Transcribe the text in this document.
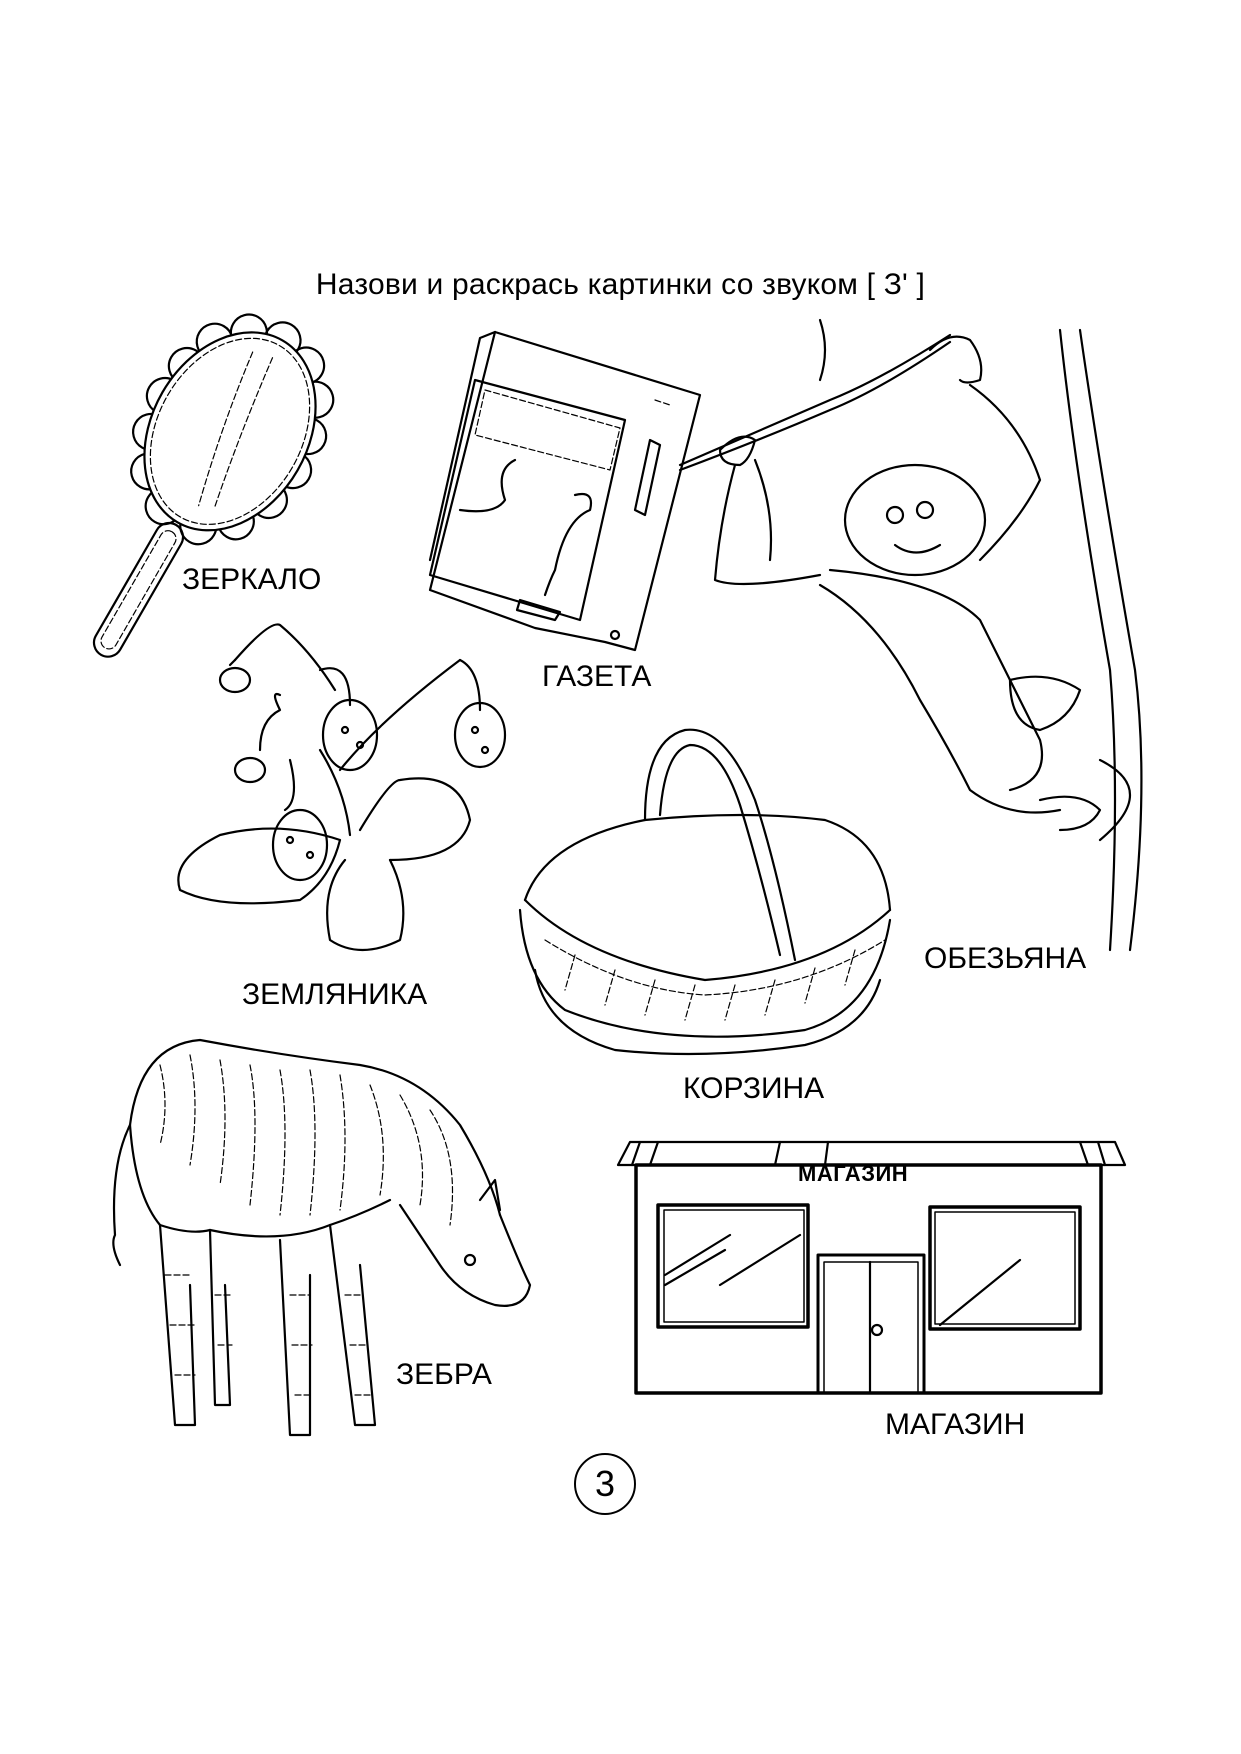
Назови и раскрась картинки со звуком [ З' ]
ЗЕРКАЛО
ГАЗЕТА
ОБЕЗЬЯНА
ЗЕМЛЯНИКА
КОРЗИНА
ЗЕБРА
МАГАЗИН
МАГАЗИН
3
